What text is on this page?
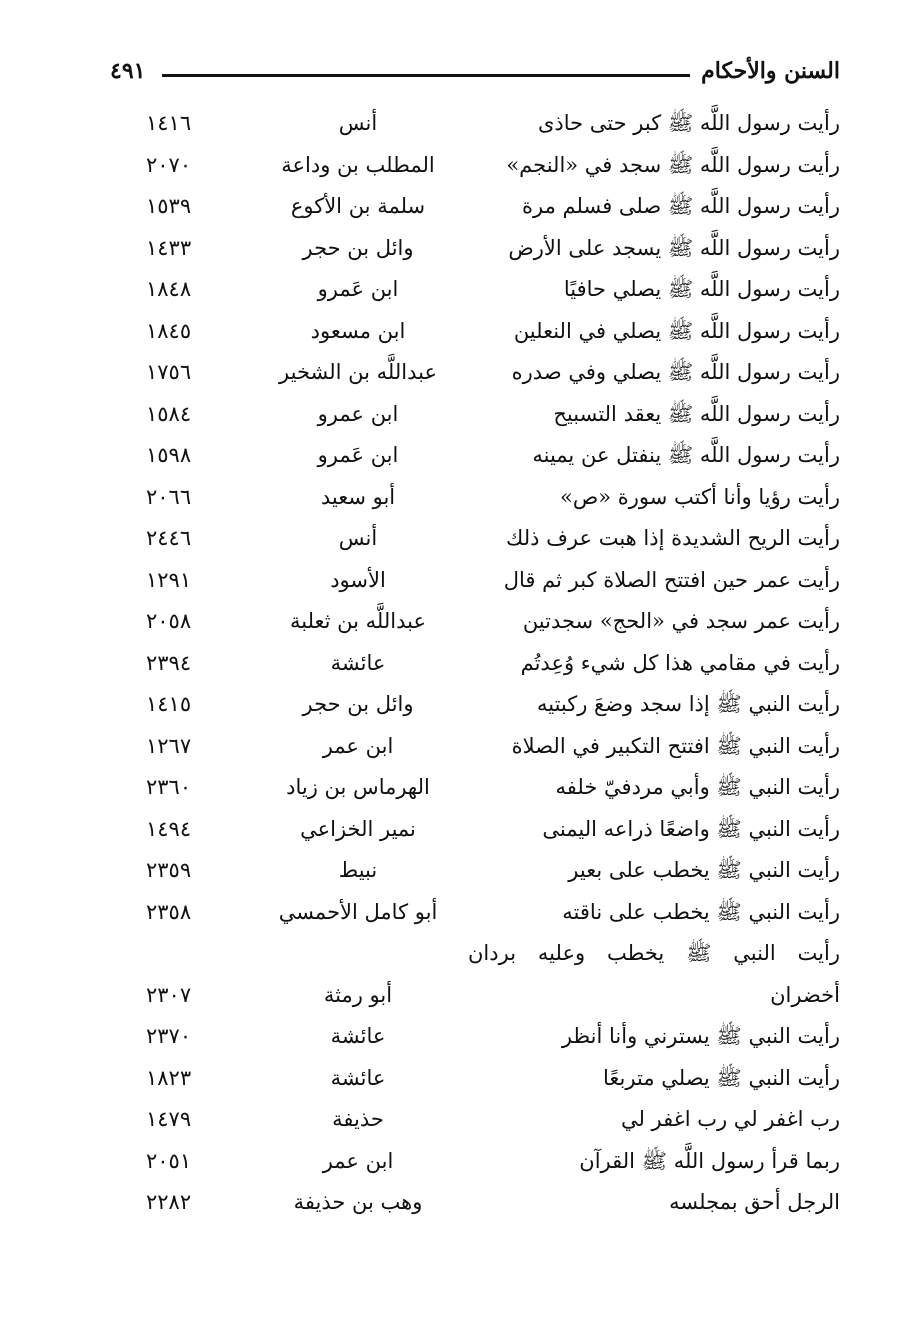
السنن والأحكام
٤٩١
رأيت رسول اللَّه ﷺ كبر حتى حاذى
أنس
١٤١٦
رأيت رسول اللَّه ﷺ سجد في «النجم»
المطلب بن وداعة
٢٠٧٠
رأيت رسول اللَّه ﷺ صلى فسلم مرة
سلمة بن الأكوع
١٥٣٩
رأيت رسول اللَّه ﷺ يسجد على الأرض
وائل بن حجر
١٤٣٣
رأيت رسول اللَّه ﷺ يصلي حافيًا
ابن عَمرو
١٨٤٨
رأيت رسول اللَّه ﷺ يصلي في النعلين
ابن مسعود
١٨٤٥
رأيت رسول اللَّه ﷺ يصلي وفي صدره
عبداللَّه بن الشخير
١٧٥٦
رأيت رسول اللَّه ﷺ يعقد التسبيح
ابن عمرو
١٥٨٤
رأيت رسول اللَّه ﷺ ينفتل عن يمينه
ابن عَمرو
١٥٩٨
رأيت رؤيا وأنا أكتب سورة «ص»
أبو سعيد
٢٠٦٦
رأيت الريح الشديدة إذا هبت عرف ذلك
أنس
٢٤٤٦
رأيت عمر حين افتتح الصلاة كبر ثم قال
الأسود
١٢٩١
رأيت عمر سجد في «الحج» سجدتين
عبداللَّه بن ثعلبة
٢٠٥٨
رأيت في مقامي هذا كل شيء وُعِدتُم
عائشة
٢٣٩٤
رأيت النبي ﷺ إذا سجد وضعَ ركبتيه
وائل بن حجر
١٤١٥
رأيت النبي ﷺ افتتح التكبير في الصلاة
ابن عمر
١٢٦٧
رأيت النبي ﷺ وأبي مردفيّ خلفه
الهرماس بن زياد
٢٣٦٠
رأيت النبي ﷺ واضعًا ذراعه اليمنى
نمير الخزاعي
١٤٩٤
رأيت النبي ﷺ يخطب على بعير
نبيط
٢٣٥٩
رأيت النبي ﷺ يخطب على ناقته
أبو كامل الأحمسي
٢٣٥٨
رأيت النبي ﷺ يخطب وعليه بردان
أخضران
أبو رمثة
٢٣٠٧
رأيت النبي ﷺ يسترني وأنا أنظر
عائشة
٢٣٧٠
رأيت النبي ﷺ يصلي متربعًا
عائشة
١٨٢٣
رب اغفر لي رب اغفر لي
حذيفة
١٤٧٩
ربما قرأ رسول اللَّه ﷺ القرآن
ابن عمر
٢٠٥١
الرجل أحق بمجلسه
وهب بن حذيفة
٢٢٨٢
